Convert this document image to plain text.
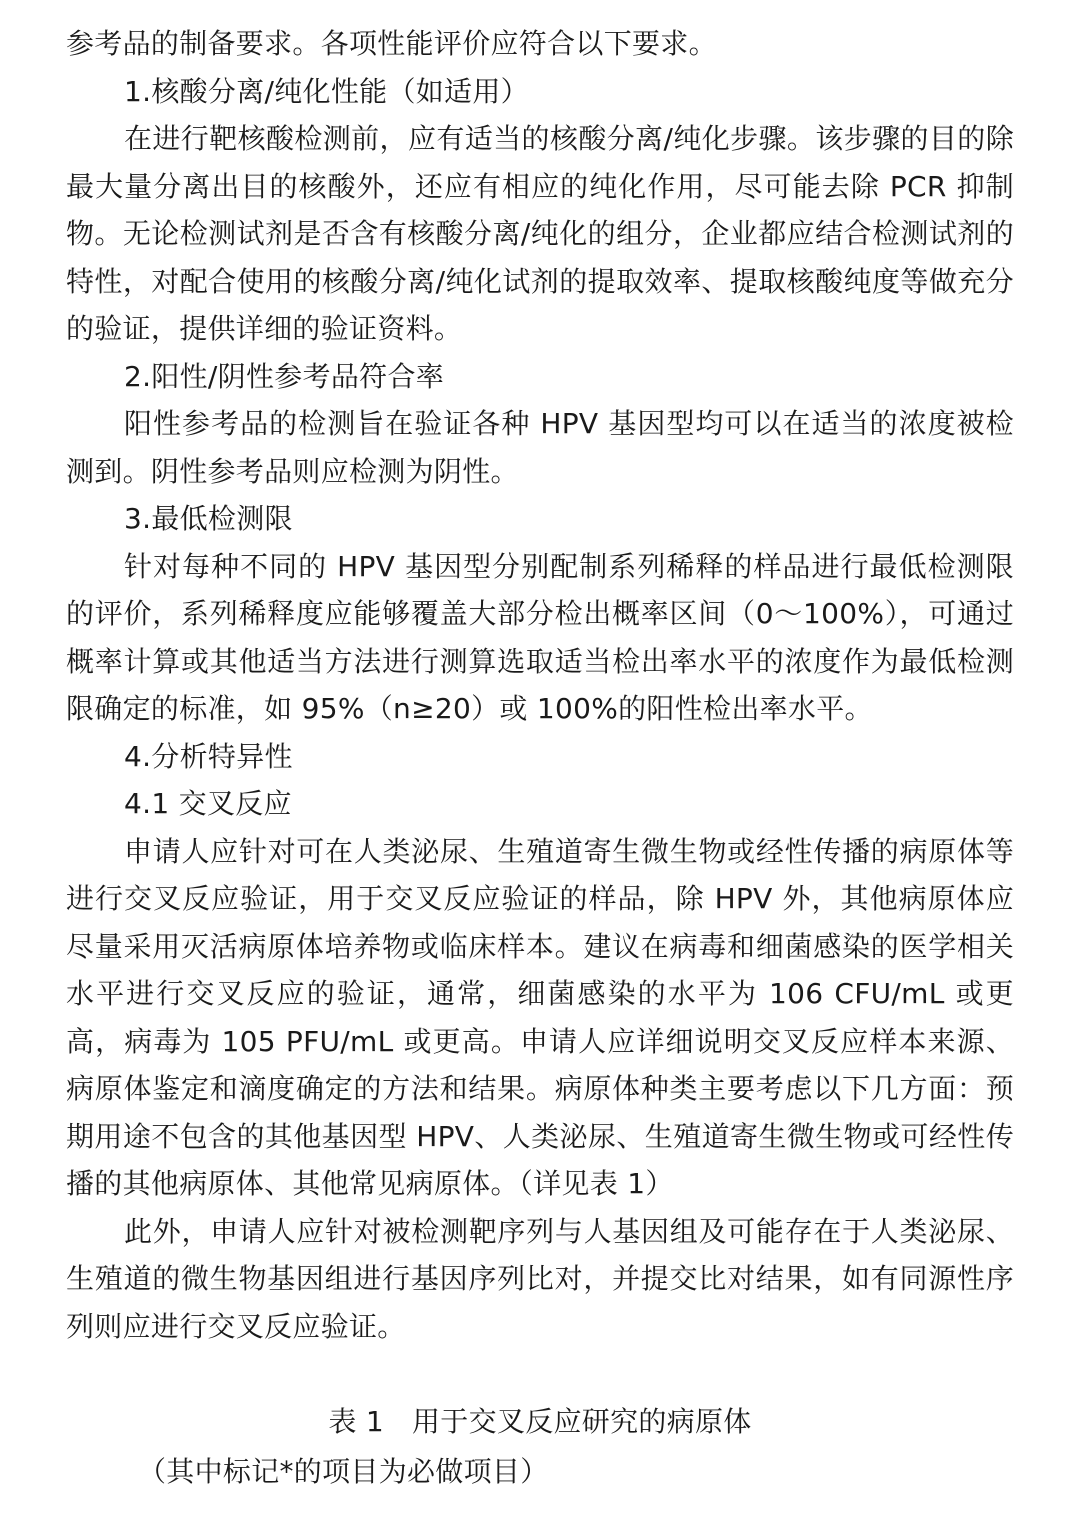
参考品的制备要求。各项性能评价应符合以下要求。

1.核酸分离/纯化性能（如适用）

在进行靶核酸检测前，应有适当的核酸分离/纯化步骤。该步骤的目的除最大量分离出目的核酸外，还应有相应的纯化作用，尽可能去除 PCR 抑制物。无论检测试剂是否含有核酸分离/纯化的组分，企业都应结合检测试剂的特性，对配合使用的核酸分离/纯化试剂的提取效率、提取核酸纯度等做充分的验证，提供详细的验证资料。

2.阳性/阴性参考品符合率

阳性参考品的检测旨在验证各种 HPV 基因型均可以在适当的浓度被检测到。阴性参考品则应检测为阴性。

3.最低检测限

针对每种不同的 HPV 基因型分别配制系列稀释的样品进行最低检测限的评价，系列稀释度应能够覆盖大部分检出概率区间（0～100%），可通过概率计算或其他适当方法进行测算选取适当检出率水平的浓度作为最低检测限确定的标准，如 95%（n≥20）或 100%的阳性检出率水平。

4.分析特异性

4.1 交叉反应

申请人应针对可在人类泌尿、生殖道寄生微生物或经性传播的病原体等进行交叉反应验证，用于交叉反应验证的样品，除 HPV 外，其他病原体应尽量采用灭活病原体培养物或临床样本。建议在病毒和细菌感染的医学相关水平进行交叉反应的验证，通常，细菌感染的水平为 106 CFU/mL 或更高，病毒为 105 PFU/mL 或更高。申请人应详细说明交叉反应样本来源、病原体鉴定和滴度确定的方法和结果。病原体种类主要考虑以下几方面：预期用途不包含的其他基因型 HPV、人类泌尿、生殖道寄生微生物或可经性传播的其他病原体、其他常见病原体。（详见表 1）

此外，申请人应针对被检测靶序列与人基因组及可能存在于人类泌尿、生殖道的微生物基因组进行基因序列比对，并提交比对结果，如有同源性序列则应进行交叉反应验证。

表 1 用于交叉反应研究的病原体

（其中标记*的项目为必做项目）
